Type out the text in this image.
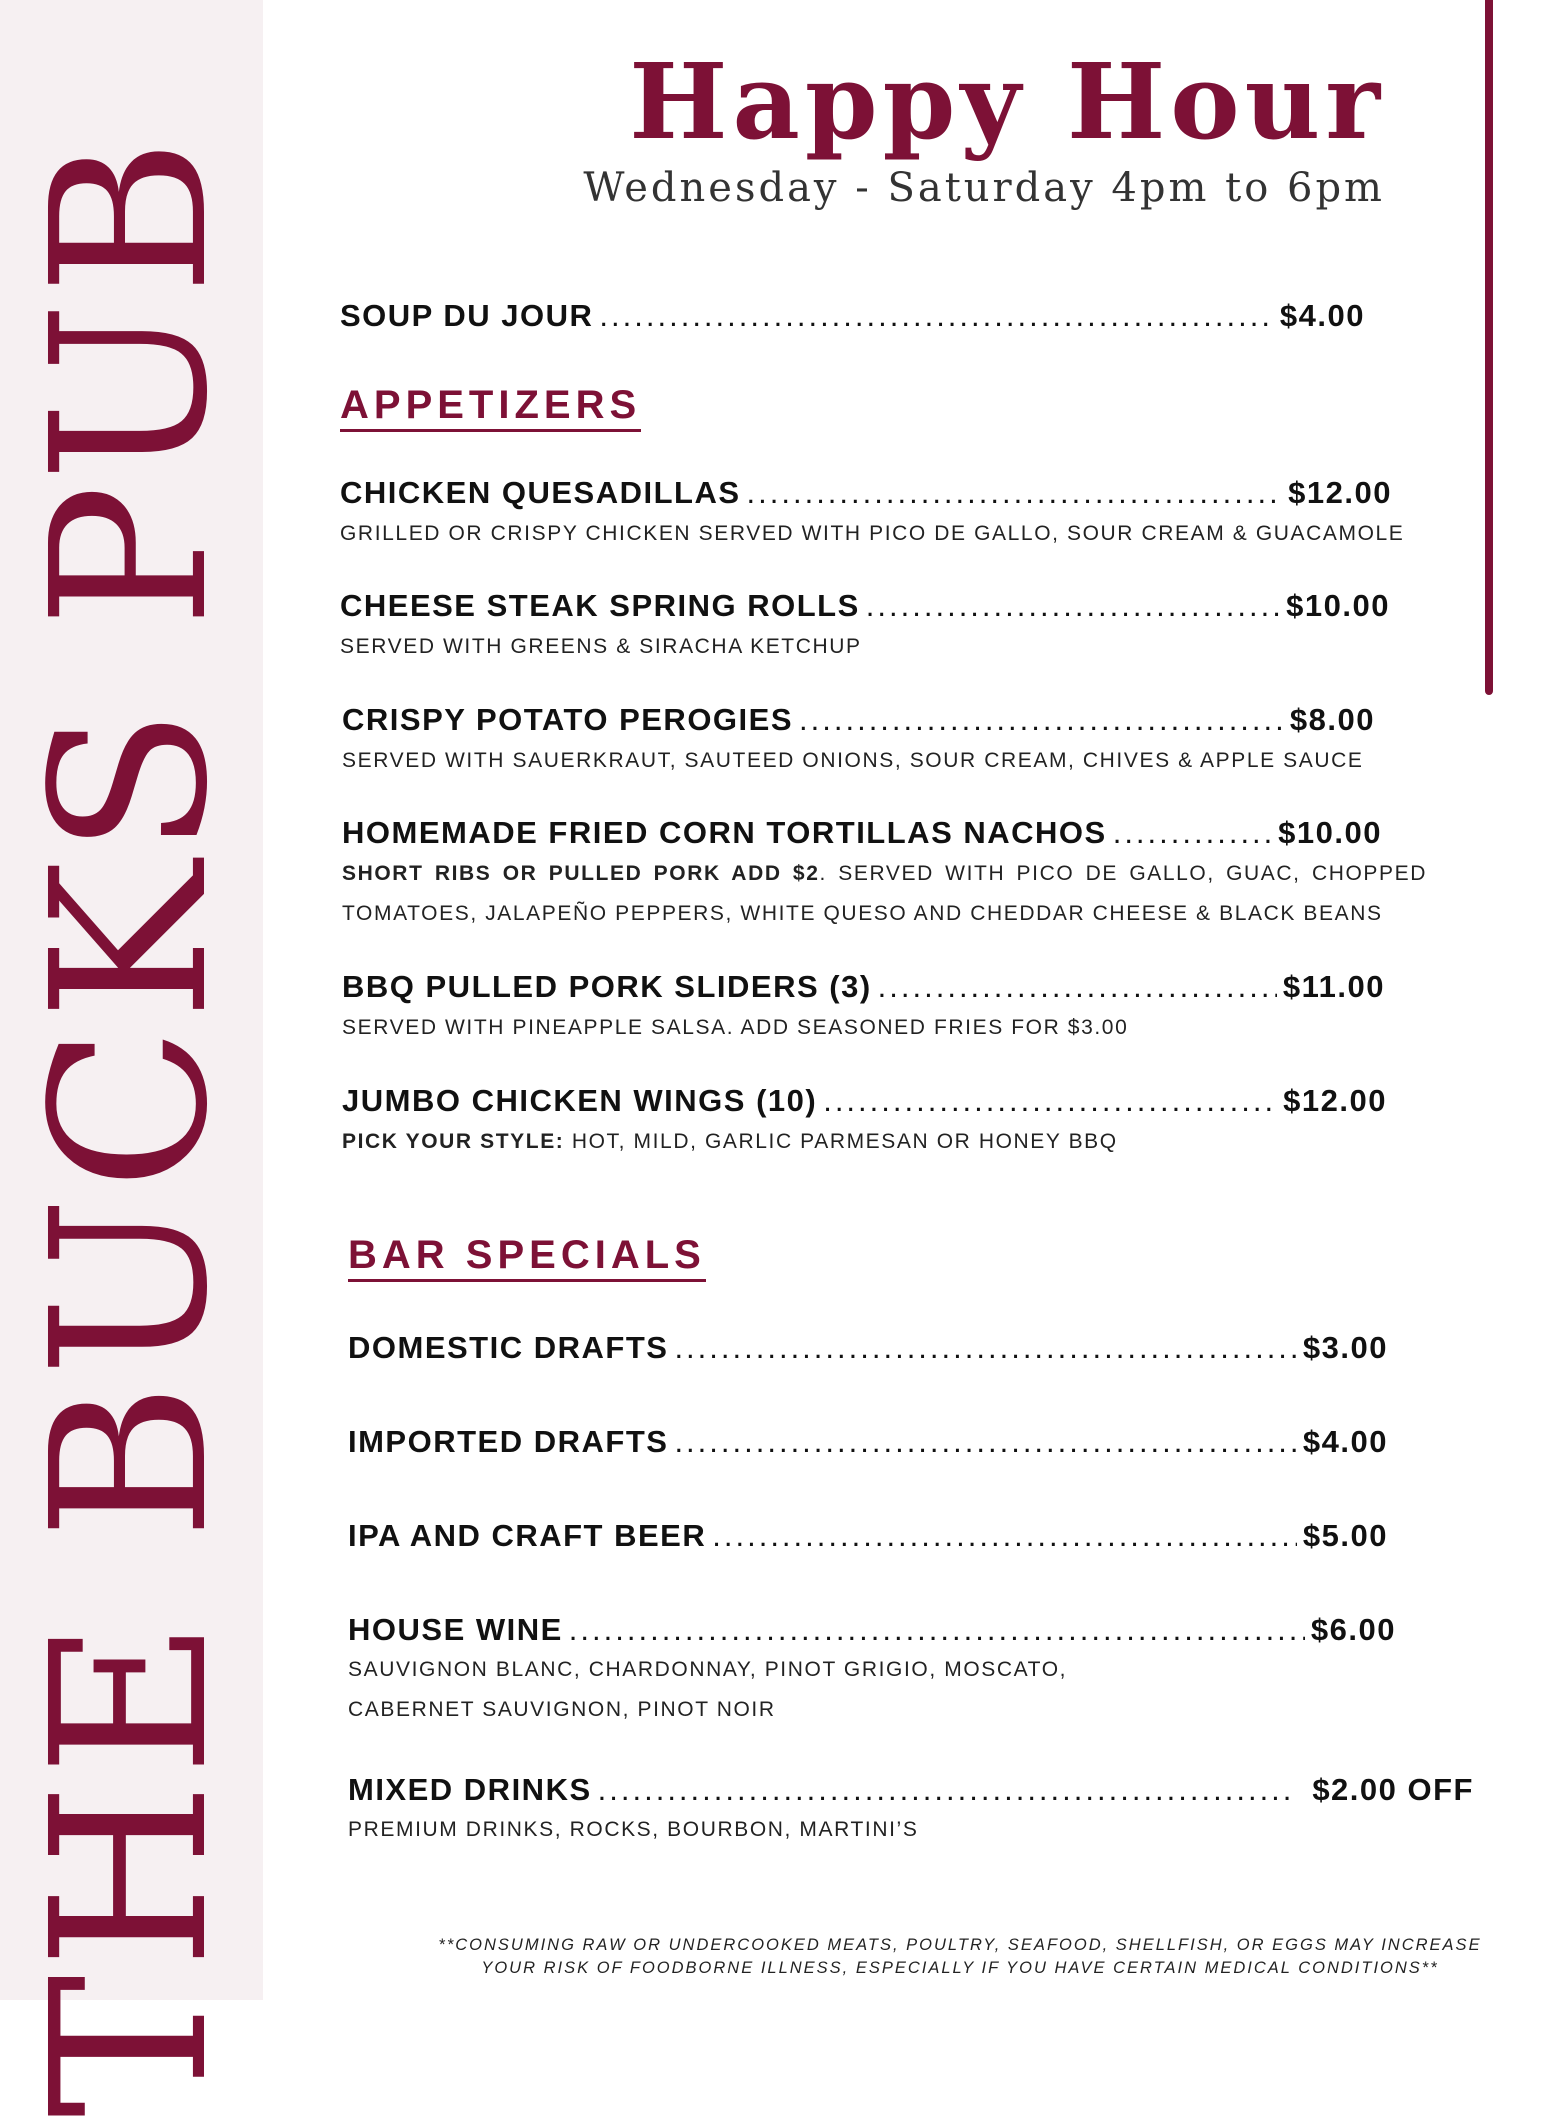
THE BUCKS PUB
Happy Hour
Wednesday - Saturday 4pm to 6pm
SOUP DU JOUR .....	$4.00
APPETIZERS
CHICKEN QUESADILLAS .....	$12.00
GRILLED OR CRISPY CHICKEN SERVED WITH PICO DE GALLO, SOUR CREAM & GUACAMOLE
CHEESE STEAK SPRING ROLLS .....	$10.00
SERVED WITH GREENS & SIRACHA KETCHUP
CRISPY POTATO PEROGIES .....	$8.00
SERVED WITH SAUERKRAUT, SAUTEED ONIONS, SOUR CREAM, CHIVES & APPLE SAUCE
HOMEMADE FRIED CORN TORTILLAS NACHOS .....	$10.00
SHORT RIBS OR PULLED PORK ADD $2. SERVED WITH PICO DE GALLO, GUAC, CHOPPED TOMATOES, JALAPEÑO PEPPERS, WHITE QUESO AND CHEDDAR CHEESE & BLACK BEANS
BBQ PULLED PORK SLIDERS (3) .....	$11.00
SERVED WITH PINEAPPLE SALSA. ADD SEASONED FRIES FOR $3.00
JUMBO CHICKEN WINGS (10) .....	$12.00
PICK YOUR STYLE: HOT, MILD, GARLIC PARMESAN OR HONEY BBQ
BAR SPECIALS
DOMESTIC DRAFTS .....	$3.00
IMPORTED DRAFTS .....	$4.00
IPA AND CRAFT BEER .....	$5.00
HOUSE WINE .....	$6.00
SAUVIGNON BLANC, CHARDONNAY, PINOT GRIGIO, MOSCATO,
CABERNET SAUVIGNON, PINOT NOIR
MIXED DRINKS .....	$2.00 OFF
PREMIUM DRINKS, ROCKS, BOURBON, MARTINI’S
**CONSUMING RAW OR UNDERCOOKED MEATS, POULTRY, SEAFOOD, SHELLFISH, OR EGGS MAY INCREASE
YOUR RISK OF FOODBORNE ILLNESS, ESPECIALLY IF YOU HAVE CERTAIN MEDICAL CONDITIONS**
